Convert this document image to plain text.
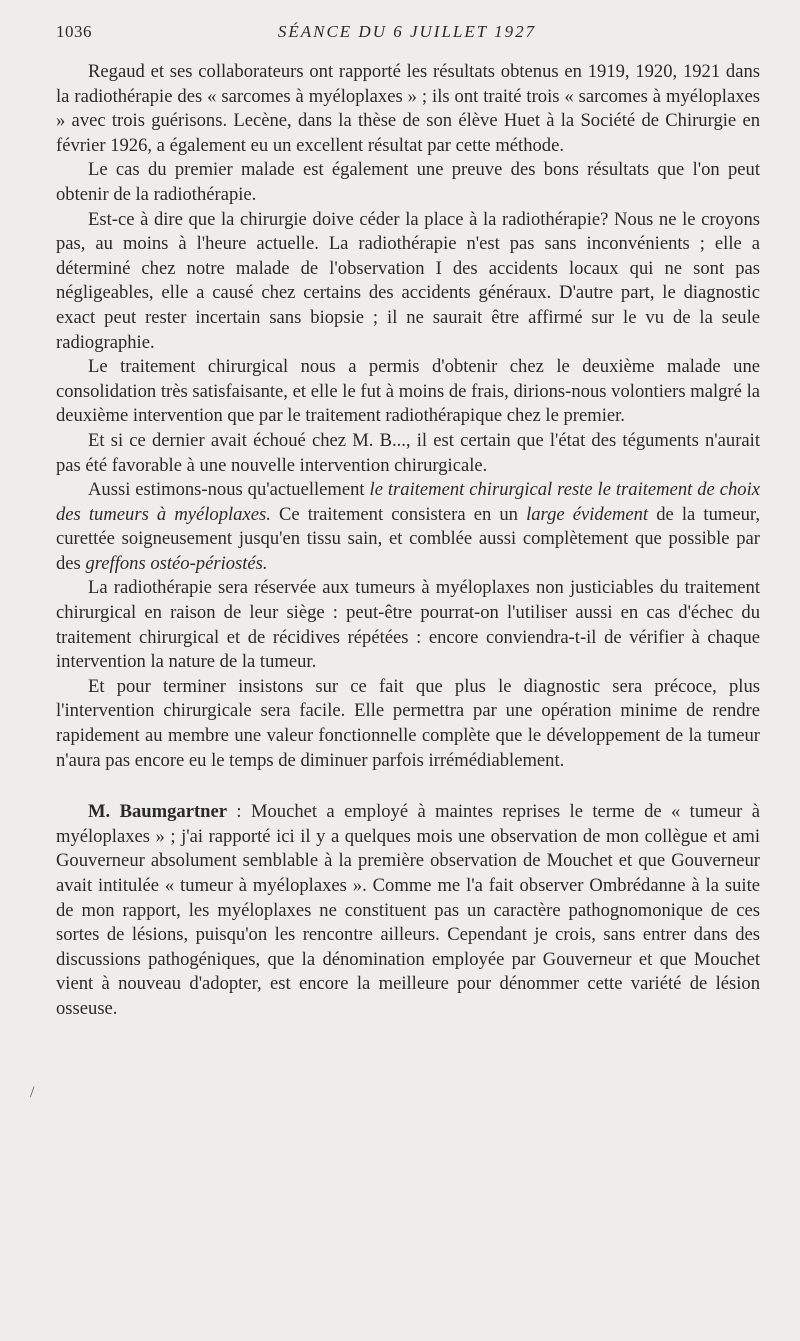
1036	SÉANCE DU 6 JUILLET 1927

Regaud et ses collaborateurs ont rapporté les résultats obtenus en 1919, 1920, 1921 dans la radiothérapie des « sarcomes à myéloplaxes » ; ils ont traité trois « sarcomes à myéloplaxes » avec trois guérisons. Lecène, dans la thèse de son élève Huet à la Société de Chirurgie en février 1926, a également eu un excellent résultat par cette méthode.

Le cas du premier malade est également une preuve des bons résultats que l'on peut obtenir de la radiothérapie.

Est-ce à dire que la chirurgie doive céder la place à la radiothérapie? Nous ne le croyons pas, au moins à l'heure actuelle. La radiothérapie n'est pas sans inconvénients ; elle a déterminé chez notre malade de l'observation I des accidents locaux qui ne sont pas négligeables, elle a causé chez certains des accidents généraux. D'autre part, le diagnostic exact peut rester incertain sans biopsie ; il ne saurait être affirmé sur le vu de la seule radiographie.

Le traitement chirurgical nous a permis d'obtenir chez le deuxième malade une consolidation très satisfaisante, et elle le fut à moins de frais, dirions-nous volontiers malgré la deuxième intervention que par le traitement radiothérapique chez le premier.

Et si ce dernier avait échoué chez M. B..., il est certain que l'état des téguments n'aurait pas été favorable à une nouvelle intervention chirurgicale.

Aussi estimons-nous qu'actuellement le traitement chirurgical reste le traitement de choix des tumeurs à myéloplaxes. Ce traitement consistera en un large évidement de la tumeur, curettée soigneusement jusqu'en tissu sain, et comblée aussi complètement que possible par des greffons ostéo-périostés.

La radiothérapie sera réservée aux tumeurs à myéloplaxes non justiciables du traitement chirurgical en raison de leur siège : peut-être pourrat-on l'utiliser aussi en cas d'échec du traitement chirurgical et de récidives répétées : encore conviendra-t-il de vérifier à chaque intervention la nature de la tumeur.

Et pour terminer insistons sur ce fait que plus le diagnostic sera précoce, plus l'intervention chirurgicale sera facile. Elle permettra par une opération minime de rendre rapidement au membre une valeur fonctionnelle complète que le développement de la tumeur n'aura pas encore eu le temps de diminuer parfois irrémédiablement.

M. Baumgartner : Mouchet a employé à maintes reprises le terme de « tumeur à myéloplaxes » ; j'ai rapporté ici il y a quelques mois une observation de mon collègue et ami Gouverneur absolument semblable à la première observation de Mouchet et que Gouverneur avait intitulée « tumeur à myéloplaxes ». Comme me l'a fait observer Ombrédanne à la suite de mon rapport, les myéloplaxes ne constituent pas un caractère pathognomonique de ces sortes de lésions, puisqu'on les rencontre ailleurs. Cependant je crois, sans entrer dans des discussions pathogéniques, que la dénomination employée par Gouverneur et que Mouchet vient à nouveau d'adopter, est encore la meilleure pour dénommer cette variété de lésion osseuse.

/
